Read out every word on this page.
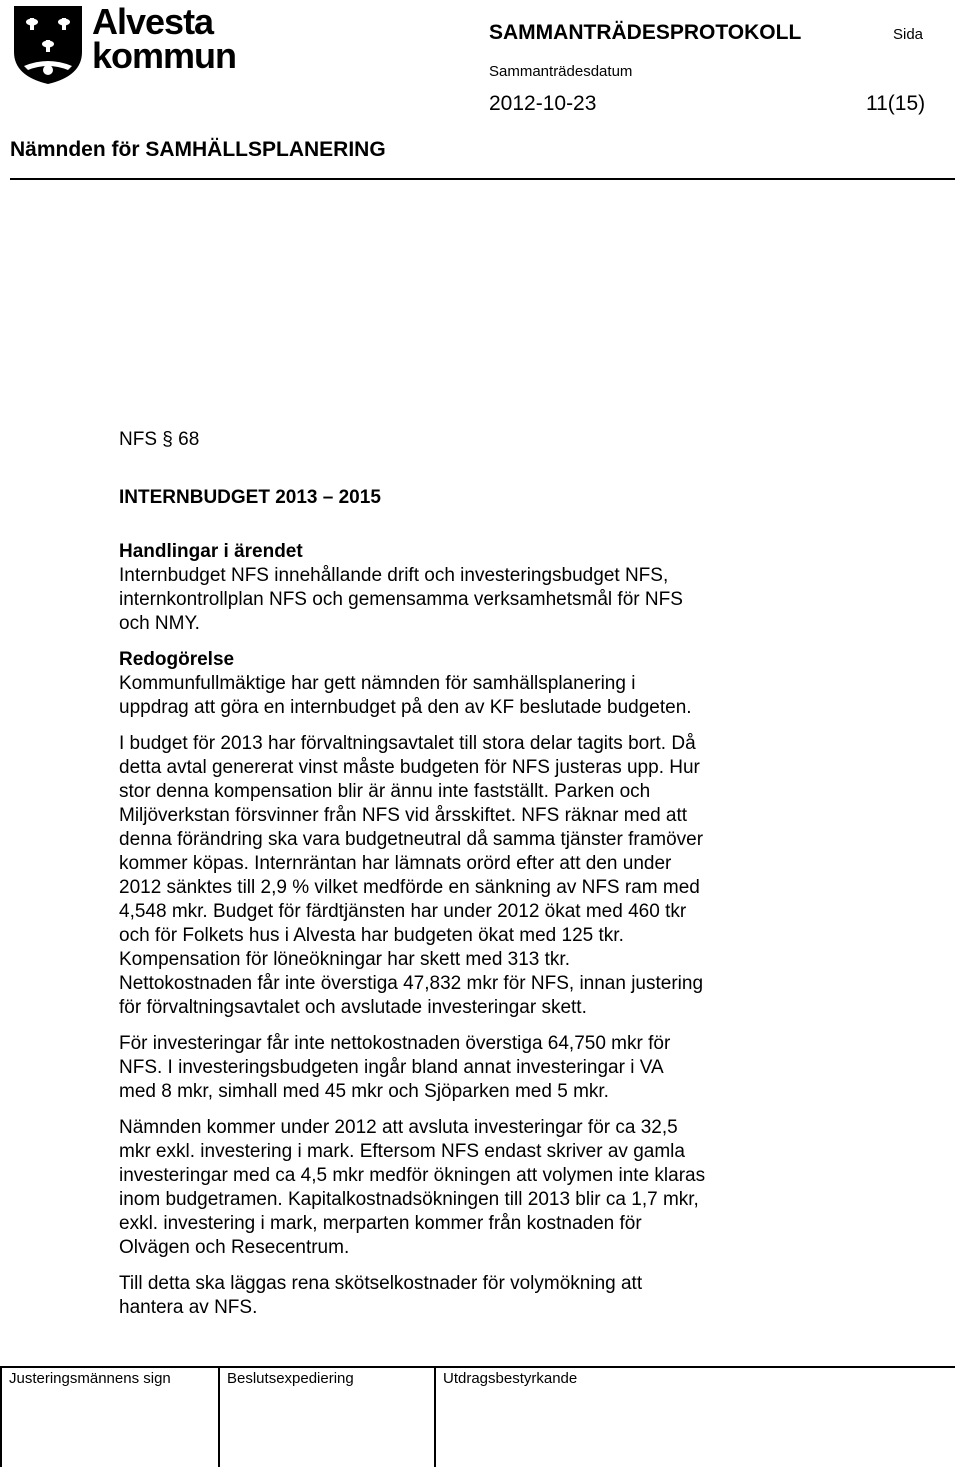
Alvesta
kommun
SAMMANTRÄDESPROTOKOLL	Sida
Sammanträdesdatum
2012-10-23	11(15)
Nämnden för SAMHÄLLSPLANERING

NFS § 68

INTERNBUDGET 2013 – 2015

Handlingar i ärendet

Internbudget NFS innehållande drift och investeringsbudget NFS,
internkontrollplan NFS och gemensamma verksamhetsmål för NFS
och NMY.

Redogörelse

Kommunfullmäktige har gett nämnden för samhällsplanering i
uppdrag att göra en internbudget på den av KF beslutade budgeten.

I budget för 2013 har förvaltningsavtalet till stora delar tagits bort. Då
detta avtal genererat vinst måste budgeten för NFS justeras upp. Hur
stor denna kompensation blir är ännu inte fastställt. Parken och
Miljöverkstan försvinner från NFS vid årsskiftet. NFS räknar med att
denna förändring ska vara budgetneutral då samma tjänster framöver
kommer köpas. Internräntan har lämnats orörd efter att den under
2012 sänktes till 2,9 % vilket medförde en sänkning av NFS ram med
4,548 mkr. Budget för färdtjänsten har under 2012 ökat med 460 tkr
och för Folkets hus i Alvesta har budgeten ökat med 125 tkr.
Kompensation för löneökningar har skett med 313 tkr.
Nettokostnaden får inte överstiga 47,832 mkr för NFS, innan justering
för förvaltningsavtalet och avslutade investeringar skett.

För investeringar får inte nettokostnaden överstiga 64,750 mkr för
NFS. I investeringsbudgeten ingår bland annat investeringar i VA
med 8 mkr, simhall med 45 mkr och Sjöparken med 5 mkr.

Nämnden kommer under 2012 att avsluta investeringar för ca 32,5
mkr exkl. investering i mark. Eftersom NFS endast skriver av gamla
investeringar med ca 4,5 mkr medför ökningen att volymen inte klaras
inom budgetramen. Kapitalkostnadsökningen till 2013 blir ca 1,7 mkr,
exkl. investering i mark, merparten kommer från kostnaden för
Olvägen och Resecentrum.

Till detta ska läggas rena skötselkostnader för volymökning att
hantera av NFS.

Justeringsmännens sign	Beslutsexpediering	Utdragsbestyrkande
